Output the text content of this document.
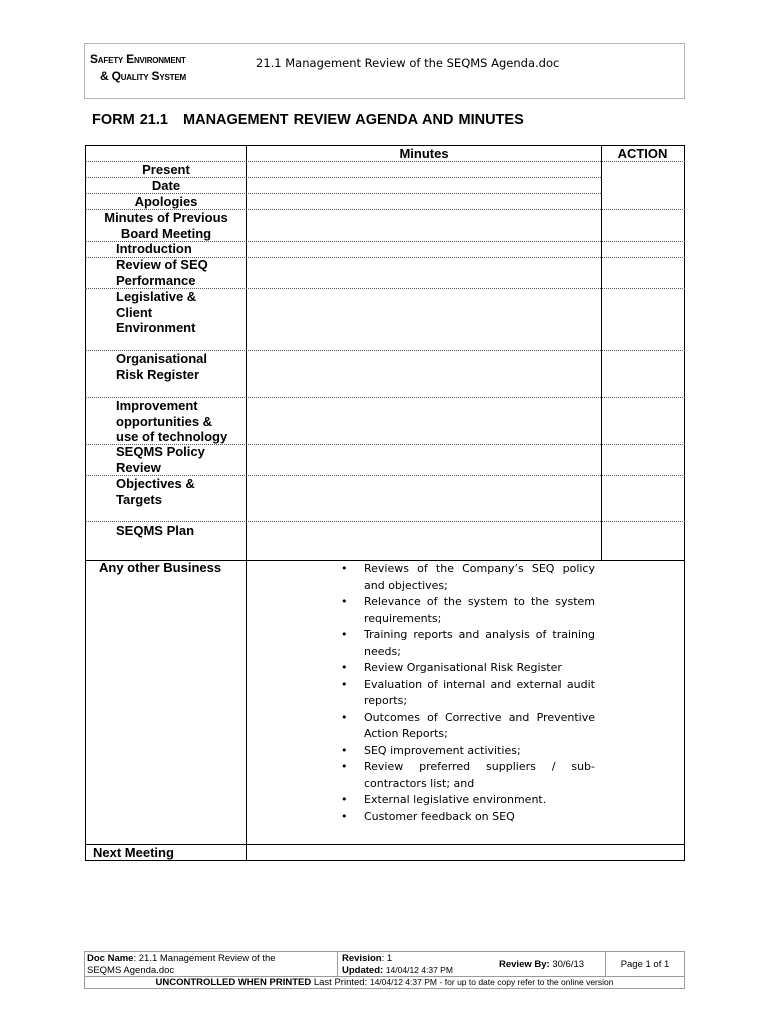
Safety Environment
& Quality System
21.1 Management Review of the SEQMS Agenda.doc
FORM 21.1   MANAGEMENT REVIEW AGENDA AND MINUTES
Minutes	ACTION
Present
Date
Apologies
Minutes of Previous
Board Meeting
Introduction
Review of SEQ
Performance
Legislative &
Client
Environment
Organisational
Risk Register
Improvement
opportunities &
use of technology
SEQMS Policy
Review
Objectives &
Targets
SEQMS Plan
Any other Business
•	Reviews of the Company’s SEQ policy and objectives;
• Relevance of the system to the system requirements;
• Training reports and analysis of training needs;
• Review Organisational Risk Register
• Evaluation of internal and external audit reports;
• Outcomes of Corrective and Preventive Action Reports;
• SEQ improvement activities;
• Review preferred suppliers / sub-contractors list; and
• External legislative environment.
• Customer feedback on SEQ
Next Meeting
Doc Name: 21.1 Management Review of the
SEQMS Agenda.doc
Revision: 1
Updated: 14/04/12 4:37 PM	Review By: 30/6/13	Page 1 of 1
UNCONTROLLED WHEN PRINTED Last Printed: 14/04/12 4:37 PM - for up to date copy refer to the online version
